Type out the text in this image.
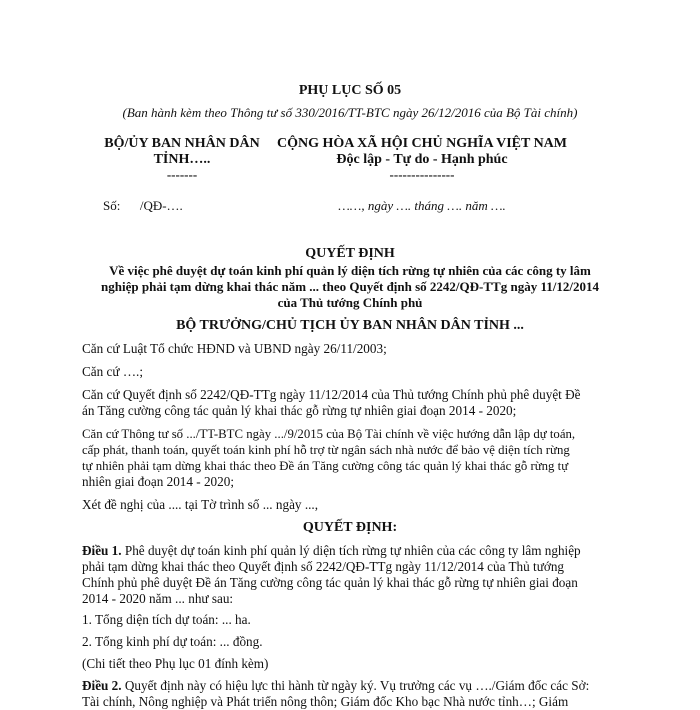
PHỤ LỤC SỐ 05
(Ban hành kèm theo Thông tư số 330/2016/TT-BTC ngày 26/12/2016 của Bộ Tài chính)
BỘ/ỦY BAN NHÂN DÂN
TỈNH…..
-------
CỘNG HÒA XÃ HỘI CHỦ NGHĨA VIỆT NAM
Độc lập - Tự do - Hạnh phúc
---------------
Số:      /QĐ-….	……, ngày …. tháng …. năm ….
QUYẾT ĐỊNH
Về việc phê duyệt dự toán kinh phí quản lý diện tích rừng tự nhiên của các công ty lâm
nghiệp phải tạm dừng khai thác năm ... theo Quyết định số 2242/QĐ-TTg ngày 11/12/2014
của Thủ tướng Chính phủ
BỘ TRƯỞNG/CHỦ TỊCH ỦY BAN NHÂN DÂN TỈNH ...
Căn cứ Luật Tổ chức HĐND và UBND ngày 26/11/2003;
Căn cứ ….;
Căn cứ Quyết định số 2242/QĐ-TTg ngày 11/12/2014 của Thủ tướng Chính phủ phê duyệt Đề
án Tăng cường công tác quản lý khai thác gỗ rừng tự nhiên giai đoạn 2014 - 2020;
Căn cứ Thông tư số .../TT-BTC ngày .../9/2015 của Bộ Tài chính về việc hướng dẫn lập dự toán,
cấp phát, thanh toán, quyết toán kinh phí hỗ trợ từ ngân sách nhà nước để bảo vệ diện tích rừng
tự nhiên phải tạm dừng khai thác theo Đề án Tăng cường công tác quản lý khai thác gỗ rừng tự
nhiên giai đoạn 2014 - 2020;
Xét đề nghị của .... tại Tờ trình số ... ngày ...,
QUYẾT ĐỊNH:
Điều 1. Phê duyệt dự toán kinh phí quản lý diện tích rừng tự nhiên của các công ty lâm nghiệp
phải tạm dừng khai thác theo Quyết định số 2242/QĐ-TTg ngày 11/12/2014 của Thủ tướng
Chính phủ phê duyệt Đề án Tăng cường công tác quản lý khai thác gỗ rừng tự nhiên giai đoạn
2014 - 2020 năm ... như sau:
1. Tổng diện tích dự toán: ... ha.
2. Tổng kinh phí dự toán: ... đồng.
(Chi tiết theo Phụ lục 01 đính kèm)
Điều 2. Quyết định này có hiệu lực thi hành từ ngày ký. Vụ trưởng các vụ …./Giám đốc các Sở:
Tài chính, Nông nghiệp và Phát triển nông thôn; Giám đốc Kho bạc Nhà nước tỉnh…; Giám
